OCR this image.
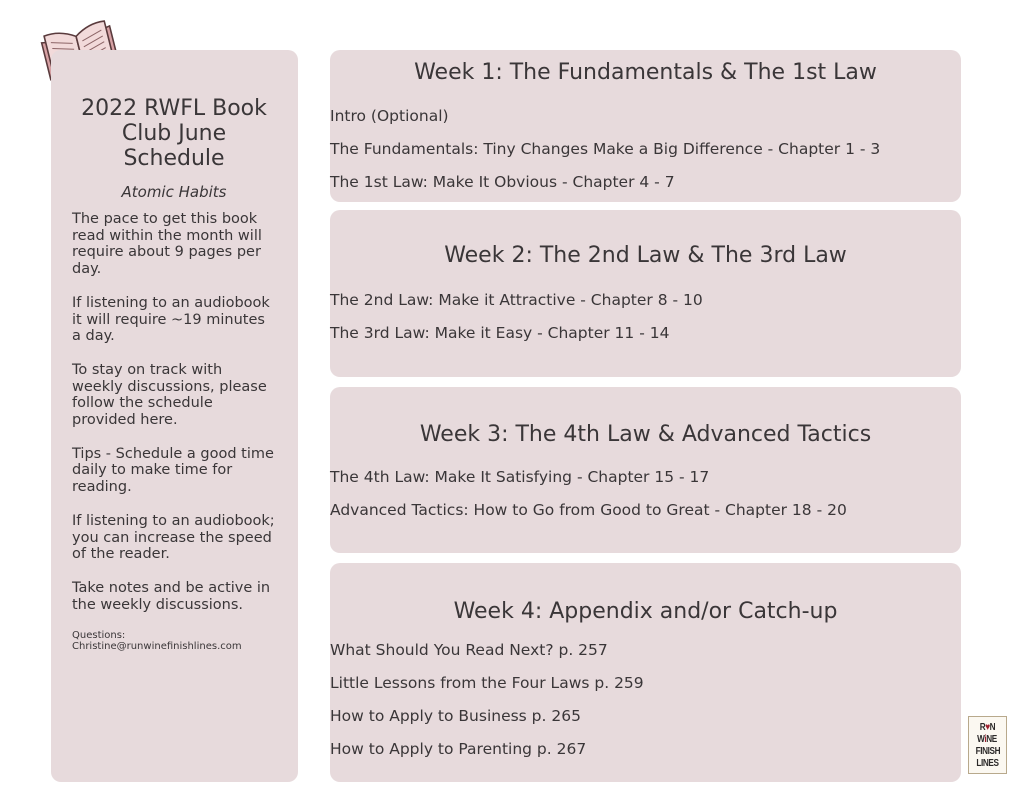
2022 RWFL Book Club June Schedule

Atomic Habits

The pace to get this book read within the month will require about 9 pages per day.

If listening to an audiobook it will require ~19 minutes a day.

To stay on track with weekly discussions, please follow the schedule provided here.

Tips - Schedule a good time daily to make time for reading.

If listening to an audiobook; you can increase the speed of the reader.

Take notes and be active in the weekly discussions.

Questions:
Christine@runwinefinishlines.com
Week 1: The Fundamentals & The 1st Law

Intro (Optional)

The Fundamentals: Tiny Changes Make a Big Difference - Chapter 1 - 3

The 1st Law: Make It Obvious - Chapter 4 - 7

Week 2: The 2nd Law & The 3rd Law

The 2nd Law: Make it Attractive - Chapter 8 - 10

The 3rd Law: Make it Easy - Chapter 11 - 14

Week 3: The 4th Law & Advanced Tactics

The 4th Law: Make It Satisfying - Chapter 15 - 17

Advanced Tactics: How to Go from Good to Great - Chapter 18 - 20

Week 4: Appendix and/or Catch-up

What Should You Read Next? p. 257

Little Lessons from the Four Laws p. 259

How to Apply to Business p. 265

How to Apply to Parenting p. 267

R♥N
WiNE
FINISH
LINES
